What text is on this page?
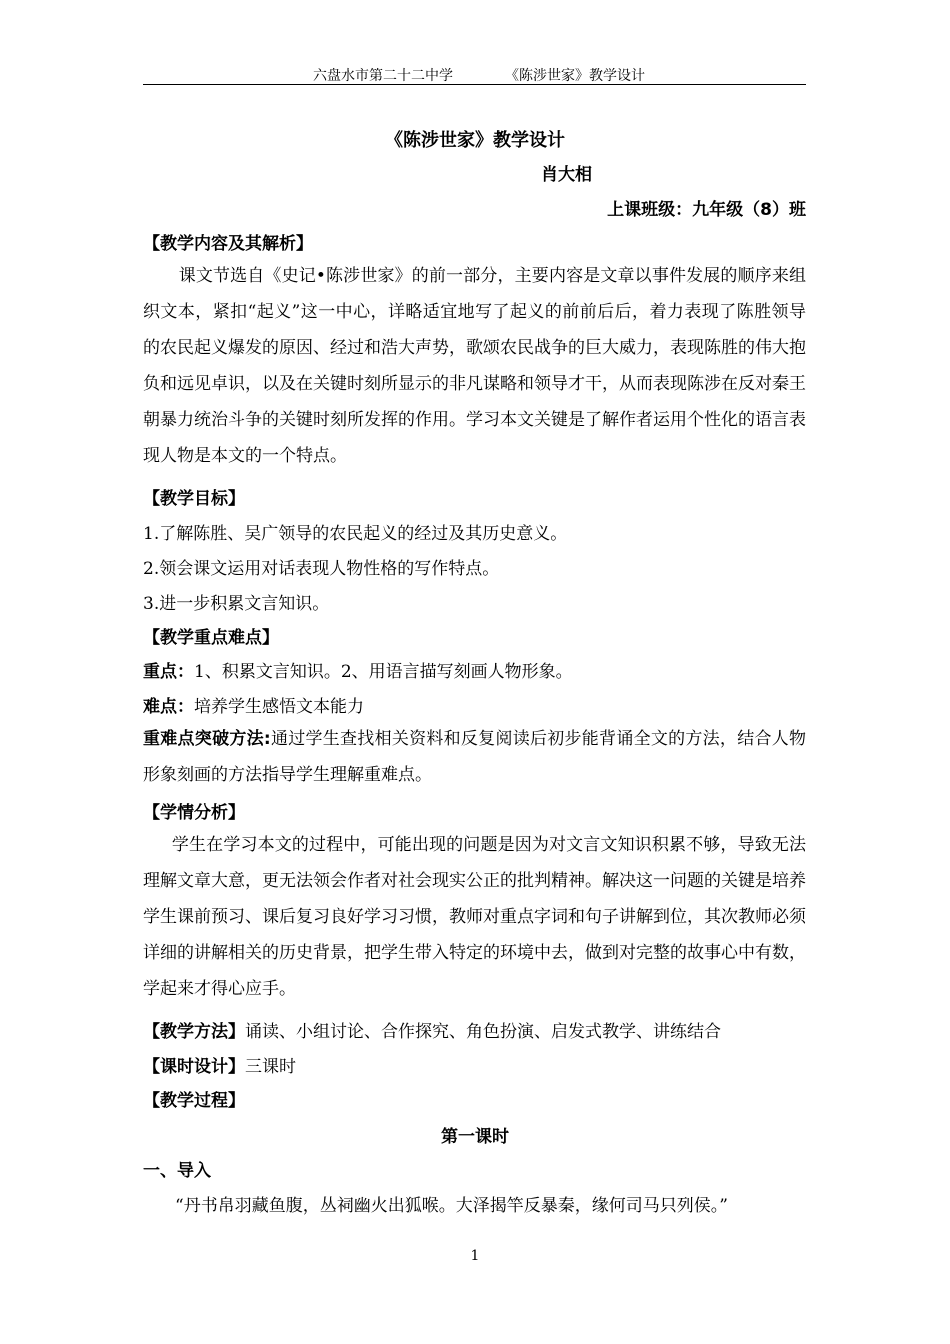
六盘水市第二十二中学	《陈涉世家》教学设计
《陈涉世家》教学设计
肖大相
上课班级：九年级（8）班
【教学内容及其解析】
课文节选自《史记•陈涉世家》的前一部分，主要内容是文章以事件发展的顺序来组织文本，紧扣“起义”这一中心，详略适宜地写了起义的前前后后，着力表现了陈胜领导的农民起义爆发的原因、经过和浩大声势，歌颂农民战争的巨大威力，表现陈胜的伟大抱负和远见卓识，以及在关键时刻所显示的非凡谋略和领导才干，从而表现陈涉在反对秦王朝暴力统治斗争的关键时刻所发挥的作用。学习本文关键是了解作者运用个性化的语言表现人物是本文的一个特点。
【教学目标】
1.了解陈胜、吴广领导的农民起义的经过及其历史意义。
2.领会课文运用对话表现人物性格的写作特点。
3.进一步积累文言知识。
【教学重点难点】
重点：1、积累文言知识。2、用语言描写刻画人物形象。
难点：培养学生感悟文本能力
重难点突破方法:通过学生查找相关资料和反复阅读后初步能背诵全文的方法，结合人物形象刻画的方法指导学生理解重难点。
【学情分析】
学生在学习本文的过程中，可能出现的问题是因为对文言文知识积累不够，导致无法理解文章大意，更无法领会作者对社会现实公正的批判精神。解决这一问题的关键是培养学生课前预习、课后复习良好学习习惯，教师对重点字词和句子讲解到位，其次教师必须详细的讲解相关的历史背景，把学生带入特定的环境中去，做到对完整的故事心中有数，学起来才得心应手。
【教学方法】诵读、小组讨论、合作探究、角色扮演、启发式教学、讲练结合
【课时设计】三课时
【教学过程】
第一课时
一、导入
“丹书帛羽藏鱼腹，丛祠幽火出狐喉。大泽揭竿反暴秦，缘何司马只列侯。”
1
